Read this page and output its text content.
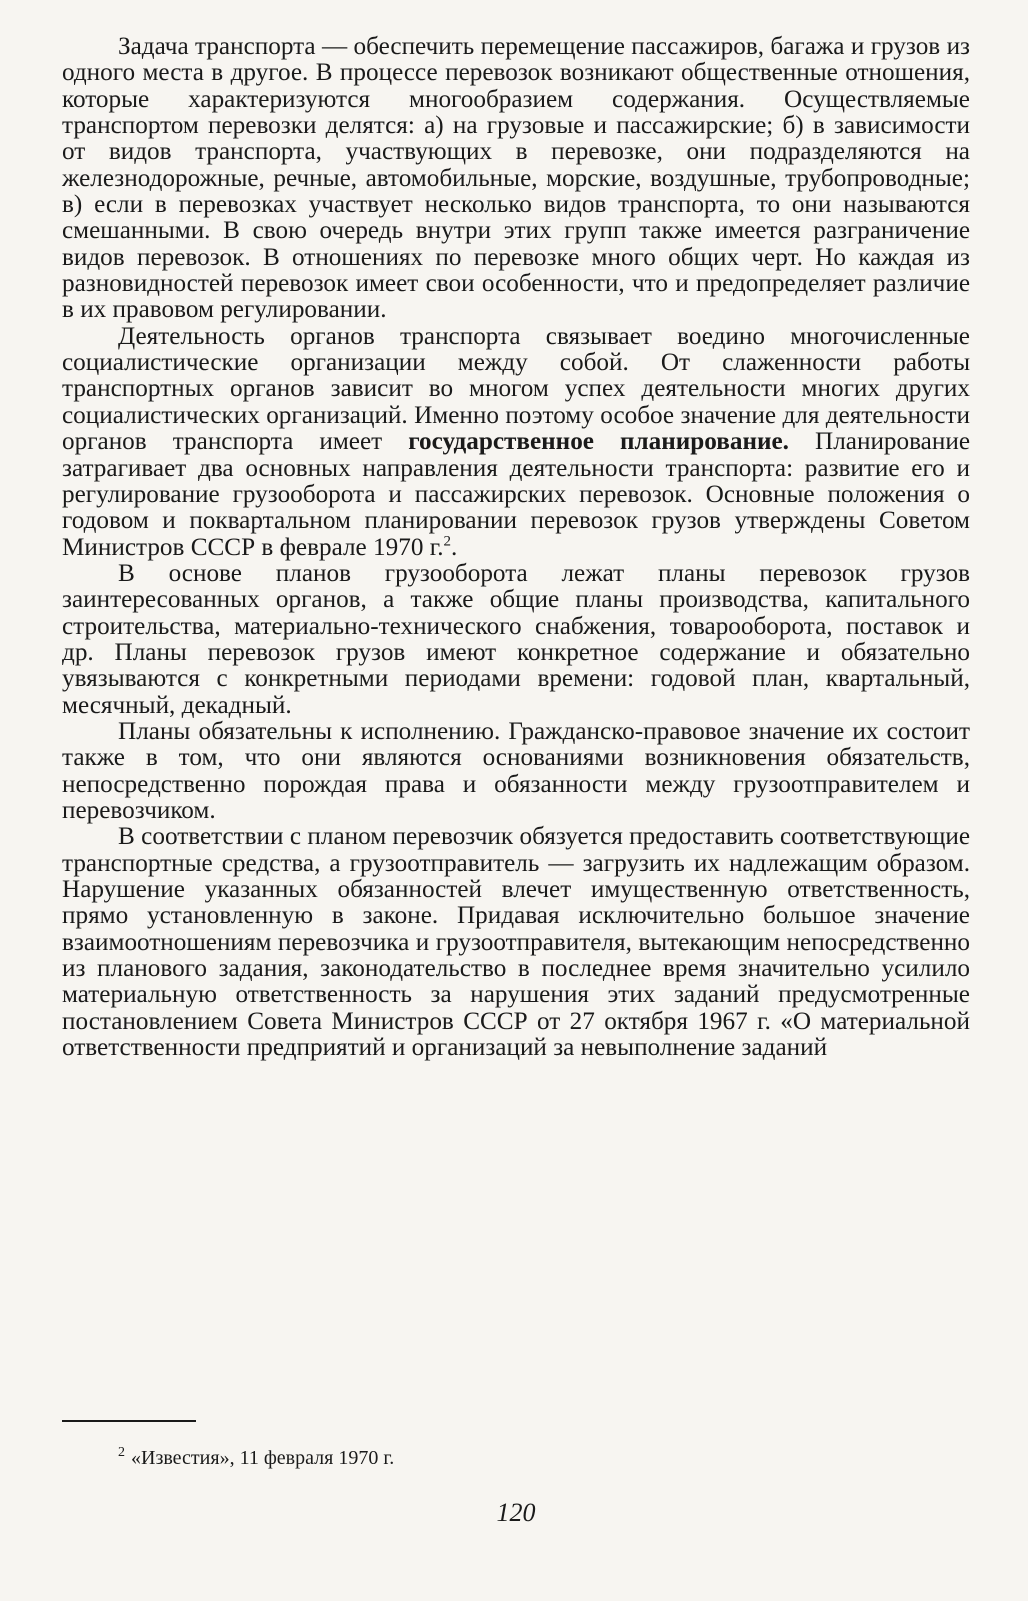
Задача транспорта — обеспечить перемещение пассажиров, багажа и грузов из одного места в другое. В процессе перевозок возникают общественные отношения, которые характеризуются многообразием содержания. Осуществляемые транспортом перевозки делятся: а) на грузовые и пассажирские; б) в зависимости от видов транспорта, участвующих в перевозке, они подразделяются на железнодорожные, речные, автомобильные, морские, воздушные, трубопроводные; в) если в перевозках участвует несколько видов транспорта, то они называются смешанными. В свою очередь внутри этих групп также имеется разграничение видов перевозок. В отношениях по перевозке много общих черт. Но каждая из разновидностей перевозок имеет свои особенности, что и предопределяет различие в их правовом регулировании.

Деятельность органов транспорта связывает воедино многочисленные социалистические организации между собой. От слаженности работы транспортных органов зависит во многом успех деятельности многих других социалистических организаций. Именно поэтому особое значение для деятельности органов транспорта имеет государственное планирование. Планирование затрагивает два основных направления деятельности транспорта: развитие его и регулирование грузооборота и пассажирских перевозок. Основные положения о годовом и поквартальном планировании перевозок грузов утверждены Советом Министров СССР в феврале 1970 г.$^2$.

В основе планов грузооборота лежат планы перевозок грузов заинтересованных органов, а также общие планы производства, капитального строительства, материально-технического снабжения, товарооборота, поставок и др. Планы перевозок грузов имеют конкретное содержание и обязательно увязываются с конкретными периодами времени: годовой план, квартальный, месячный, декадный.

Планы обязательны к исполнению. Гражданско-правовое значение их состоит также в том, что они являются основаниями возникновения обязательств, непосредственно порождая права и обязанности между грузоотправителем и перевозчиком.

В соответствии с планом перевозчик обязуется предоставить соответствующие транспортные средства, а грузоотправитель — загрузить их надлежащим образом. Нарушение указанных обязанностей влечет имущественную ответственность, прямо установленную в законе. Придавая исключительно большое значение взаимоотношениям перевозчика и грузоотправителя, вытекающим непосредственно из планового задания, законодательство в последнее время значительно усилило материальную ответственность за нарушения этих заданий предусмотренные постановлением Совета Министров СССР от 27 октября 1967 г. «О материальной ответственности предприятий и организаций за невыполнение заданий

$^2$ «Известия», 11 февраля 1970 г.
120
